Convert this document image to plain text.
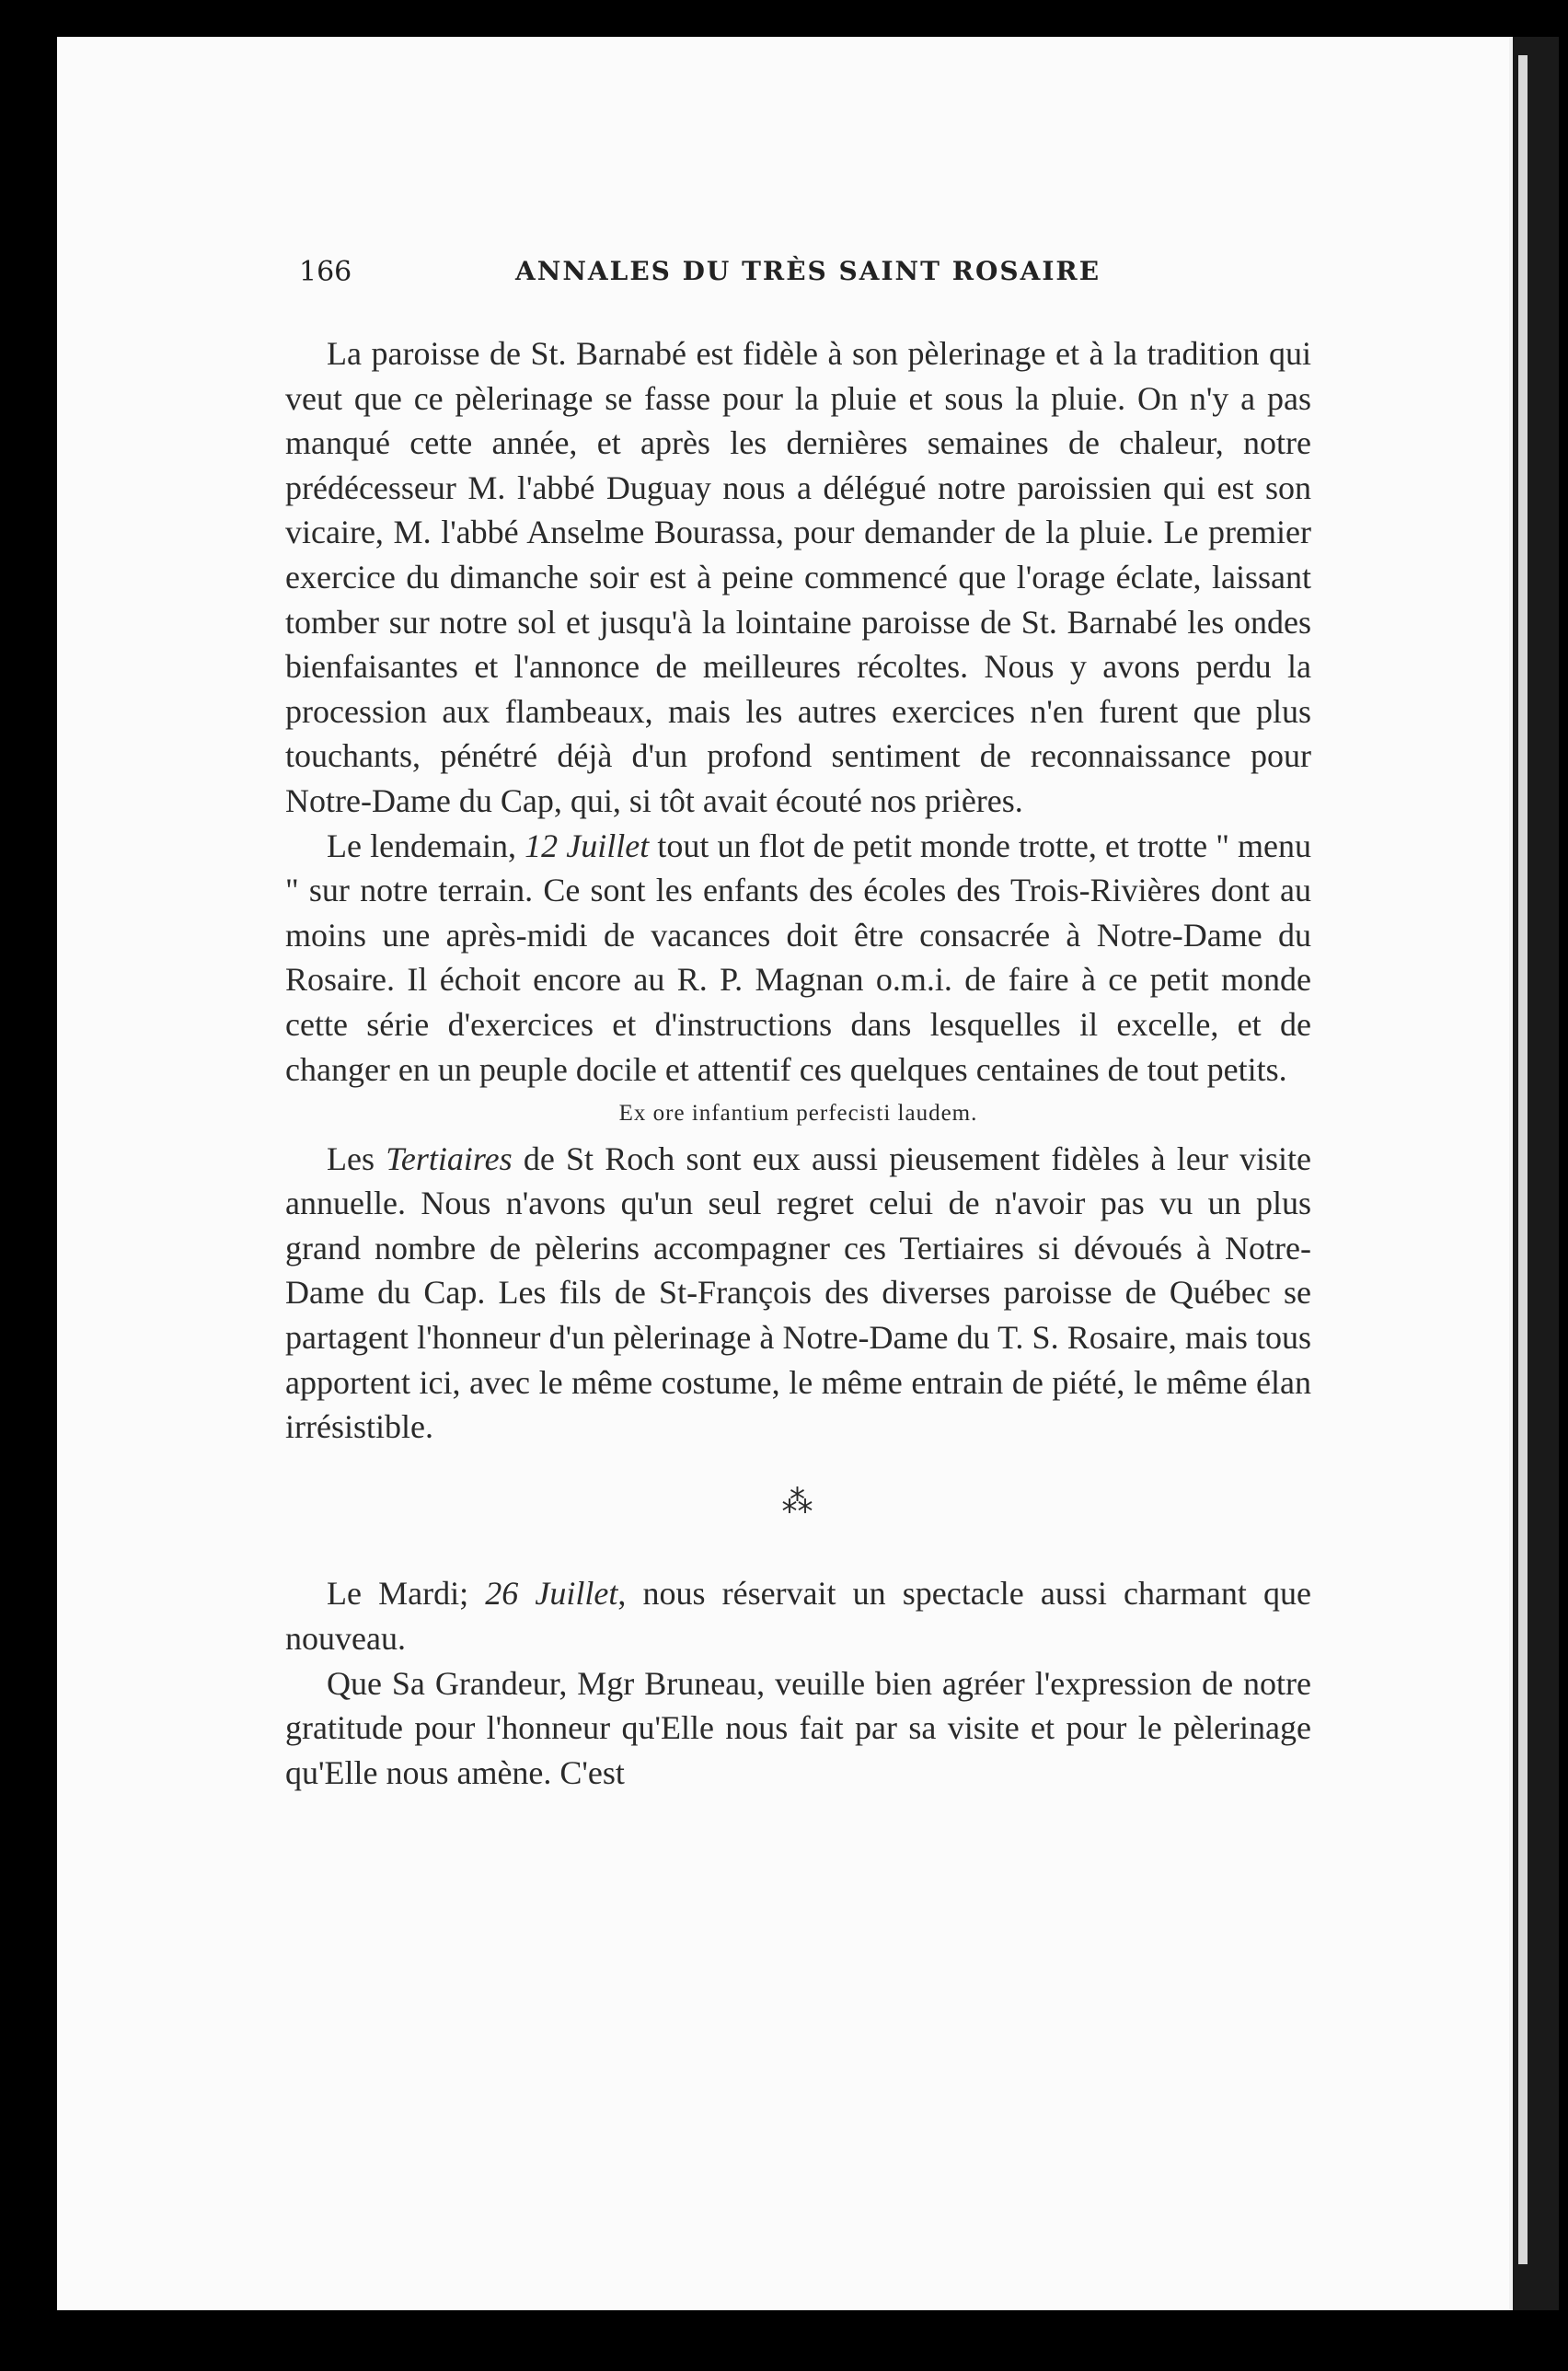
166	ANNALES DU TRÈS SAINT ROSAIRE

La paroisse de St. Barnabé est fidèle à son pèlerinage et à la tradition qui veut que ce pèlerinage se fasse pour la pluie et sous la pluie. On n'y a pas manqué cette année, et après les dernières semaines de chaleur, notre prédécesseur M. l'abbé Duguay nous a délégué notre paroissien qui est son vicaire, M. l'abbé Anselme Bourassa, pour demander de la pluie. Le premier exercice du dimanche soir est à peine commencé que l'orage éclate, laissant tomber sur notre sol et jusqu'à la lointaine paroisse de St. Barnabé les ondes bienfaisantes et l'annonce de meilleures récoltes. Nous y avons perdu la procession aux flambeaux, mais les autres exercices n'en furent que plus touchants, pénétré déjà d'un profond sentiment de reconnaissance pour Notre-Dame du Cap, qui, si tôt avait écouté nos prières.

Le lendemain, 12 Juillet tout un flot de petit monde trotte, et trotte " menu " sur notre terrain. Ce sont les enfants des écoles des Trois-Rivières dont au moins une après-midi de vacances doit être consacrée à Notre-Dame du Rosaire. Il échoit encore au R. P. Magnan o.m.i. de faire à ce petit monde cette série d'exercices et d'instructions dans lesquelles il excelle, et de changer en un peuple docile et attentif ces quelques centaines de tout petits.

Ex ore infantium perfecisti laudem.

Les Tertiaires de St Roch sont eux aussi pieusement fidèles à leur visite annuelle. Nous n'avons qu'un seul regret celui de n'avoir pas vu un plus grand nombre de pèlerins accompagner ces Tertiaires si dévoués à Notre-Dame du Cap. Les fils de St-François des diverses paroisse de Québec se partagent l'honneur d'un pèlerinage à Notre-Dame du T. S. Rosaire, mais tous apportent ici, avec le même costume, le même entrain de piété, le même élan irrésistible.

⁂

Le Mardi; 26 Juillet, nous réservait un spectacle aussi charmant que nouveau.

Que Sa Grandeur, Mgr Bruneau, veuille bien agréer l'expression de notre gratitude pour l'honneur qu'Elle nous fait par sa visite et pour le pèlerinage qu'Elle nous amène. C'est
